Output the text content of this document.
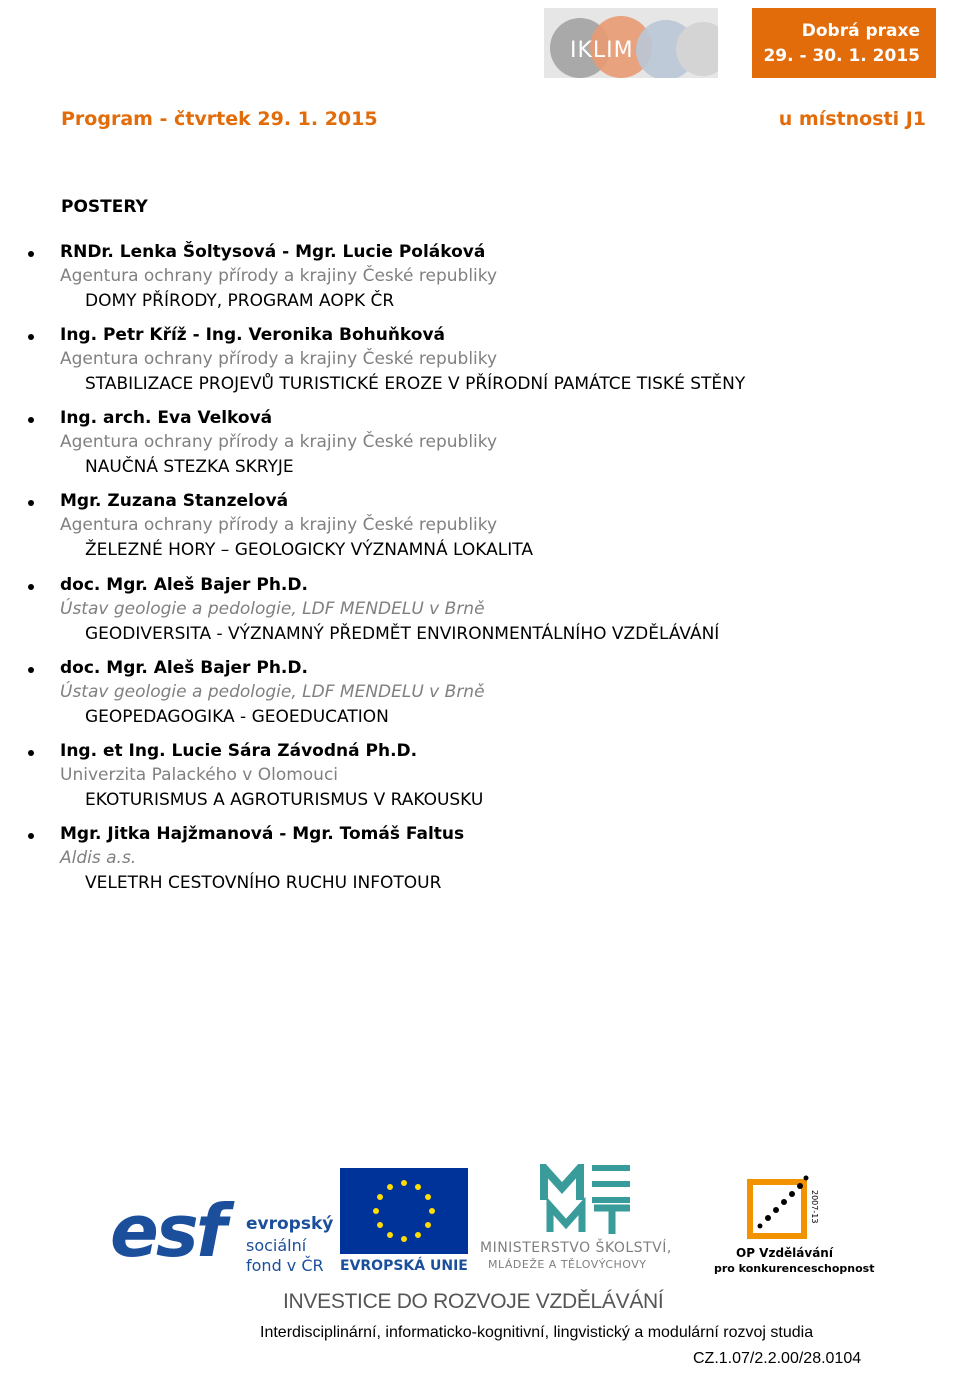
IKLIM
Dobrá praxe
29. - 30. 1. 2015
Program - čtvrtek 29. 1. 2015	u místnosti J1
POSTERY
RNDr. Lenka Šoltysová - Mgr. Lucie Poláková
Agentura ochrany přírody a krajiny České republiky
DOMY PŘÍRODY, PROGRAM AOPK ČR
Ing. Petr Kříž - Ing. Veronika Bohuňková
Agentura ochrany přírody a krajiny České republiky
STABILIZACE PROJEVŮ TURISTICKÉ EROZE V PŘÍRODNÍ PAMÁTCE TISKÉ STĚNY
Ing. arch. Eva Velková
Agentura ochrany přírody a krajiny České republiky
NAUČNÁ STEZKA SKRYJE
Mgr. Zuzana Stanzelová
Agentura ochrany přírody a krajiny České republiky
ŽELEZNÉ HORY – GEOLOGICKY VÝZNAMNÁ LOKALITA
doc. Mgr. Aleš Bajer Ph.D.
Ústav geologie a pedologie, LDF MENDELU v Brně
GEODIVERSITA - VÝZNAMNÝ PŘEDMĚT ENVIRONMENTÁLNÍHO VZDĚLÁVÁNÍ
doc. Mgr. Aleš Bajer Ph.D.
Ústav geologie a pedologie, LDF MENDELU v Brně
GEOPEDAGOGIKA - GEOEDUCATION
Ing. et Ing. Lucie Sára Závodná Ph.D.
Univerzita Palackého v Olomouci
EKOTURISMUS A AGROTURISMUS V RAKOUSKU
Mgr. Jitka Hajžmanová - Mgr. Tomáš Faltus
Aldis a.s.
VELETRH CESTOVNÍHO RUCHU INFOTOUR
esf evropský
sociální
fond v ČR EVROPSKÁ UNIE
MINISTERSTVO ŠKOLSTVÍ,
MLÁDEŽE A TĚLOVÝCHOVY
2007-13
OP Vzdělávání
pro konkurenceschopnost
INVESTICE DO ROZVOJE VZDĚLÁVÁNÍ
Interdisciplinární, informaticko-kognitivní, lingvistický a modulární rozvoj studia
CZ.1.07/2.2.00/28.0104
